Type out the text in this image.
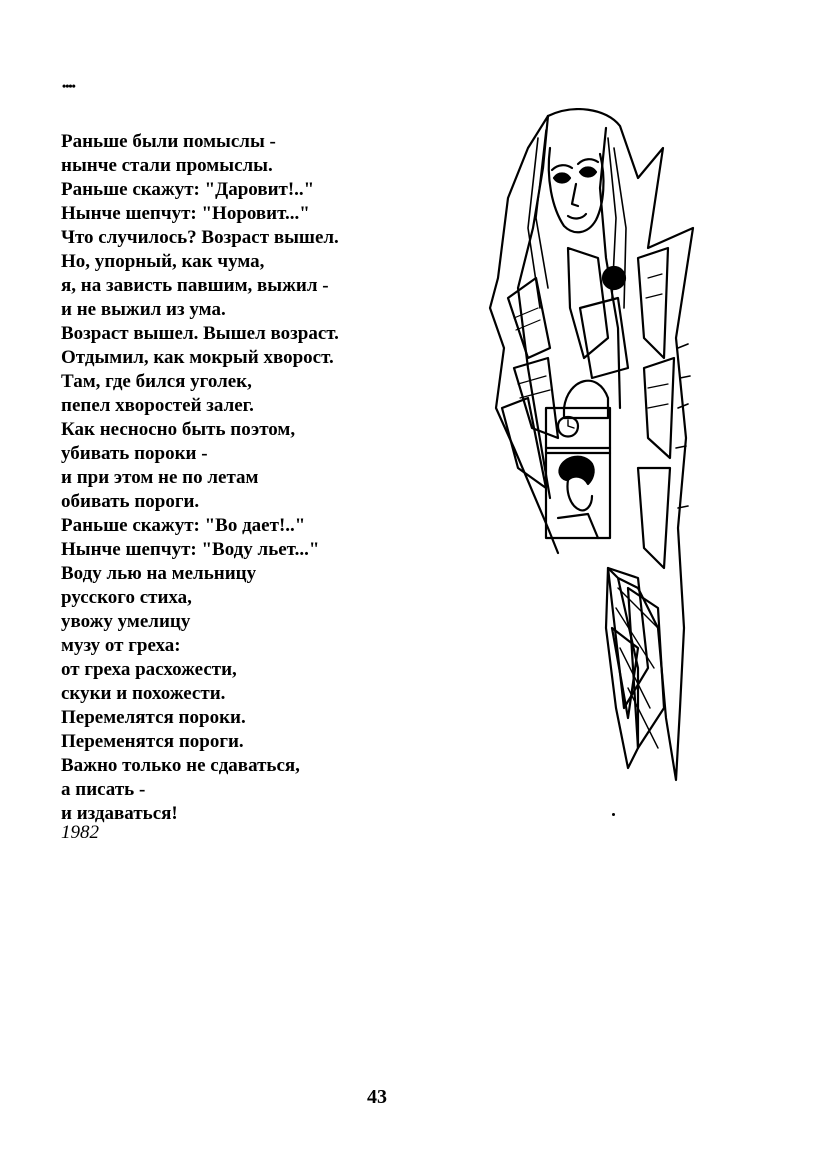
••••
Раньше были помыслы -
нынче стали промыслы.
Раньше скажут: "Даровит!.."
Нынче шепчут: "Норовит..."
Что случилось? Возраст вышел.
Но, упорный, как чума,
я, на зависть павшим, выжил -
и не выжил из ума.
Возраст вышел. Вышел возраст.
Отдымил, как мокрый хворост.
Там, где бился уголек,
пепел хворостей залег.
Как несносно быть поэтом,
убивать пороки -
и при этом не по летам
обивать пороги.
Раньше скажут: "Во дает!.."
Нынче шепчут: "Воду льет..."
Воду лью на мельницу
русского стиха,
увожу умелицу
музу от греха:
от греха расхожести,
скуки и похожести.
Перемелятся пороки.
Переменятся пороги.
Важно только не сдаваться,
а писать -
и издаваться!
1982
43
